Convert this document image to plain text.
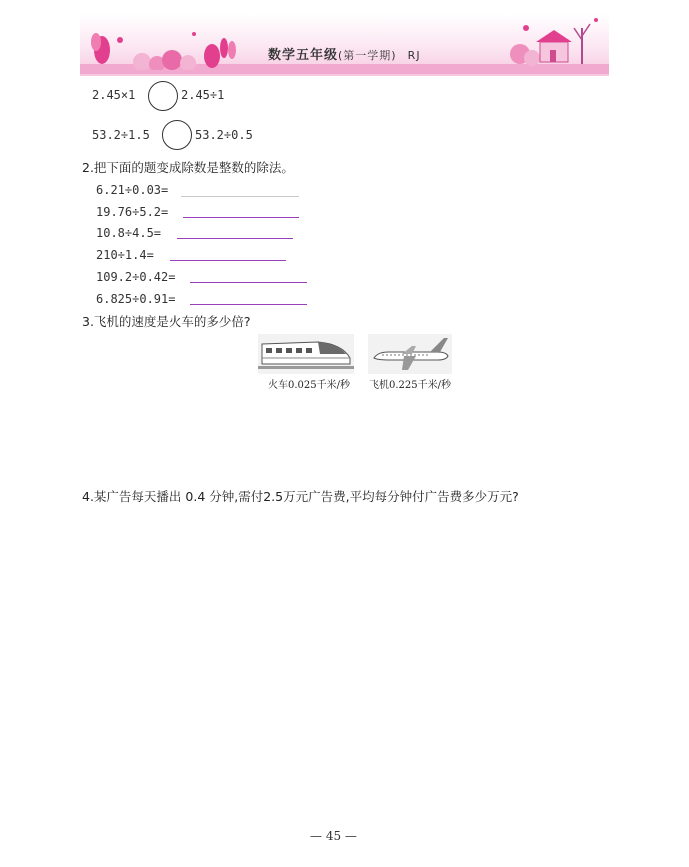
数学五年级(第一学期) RJ
2.45×1	2.45÷1
53.2÷1.5	53.2÷0.5
2.把下面的题变成除数是整数的除法。
6.21÷0.03=
19.76÷5.2=
10.8÷4.5=
210÷1.4=
109.2÷0.42=
6.825÷0.91=
3.飞机的速度是火车的多少倍?
火车0.025千米/秒 飞机0.225千米/秒
4.某广告每天播出 0.4 分钟,需付2.5万元广告费,平均每分钟付广告费多少万元?
— 45 —
